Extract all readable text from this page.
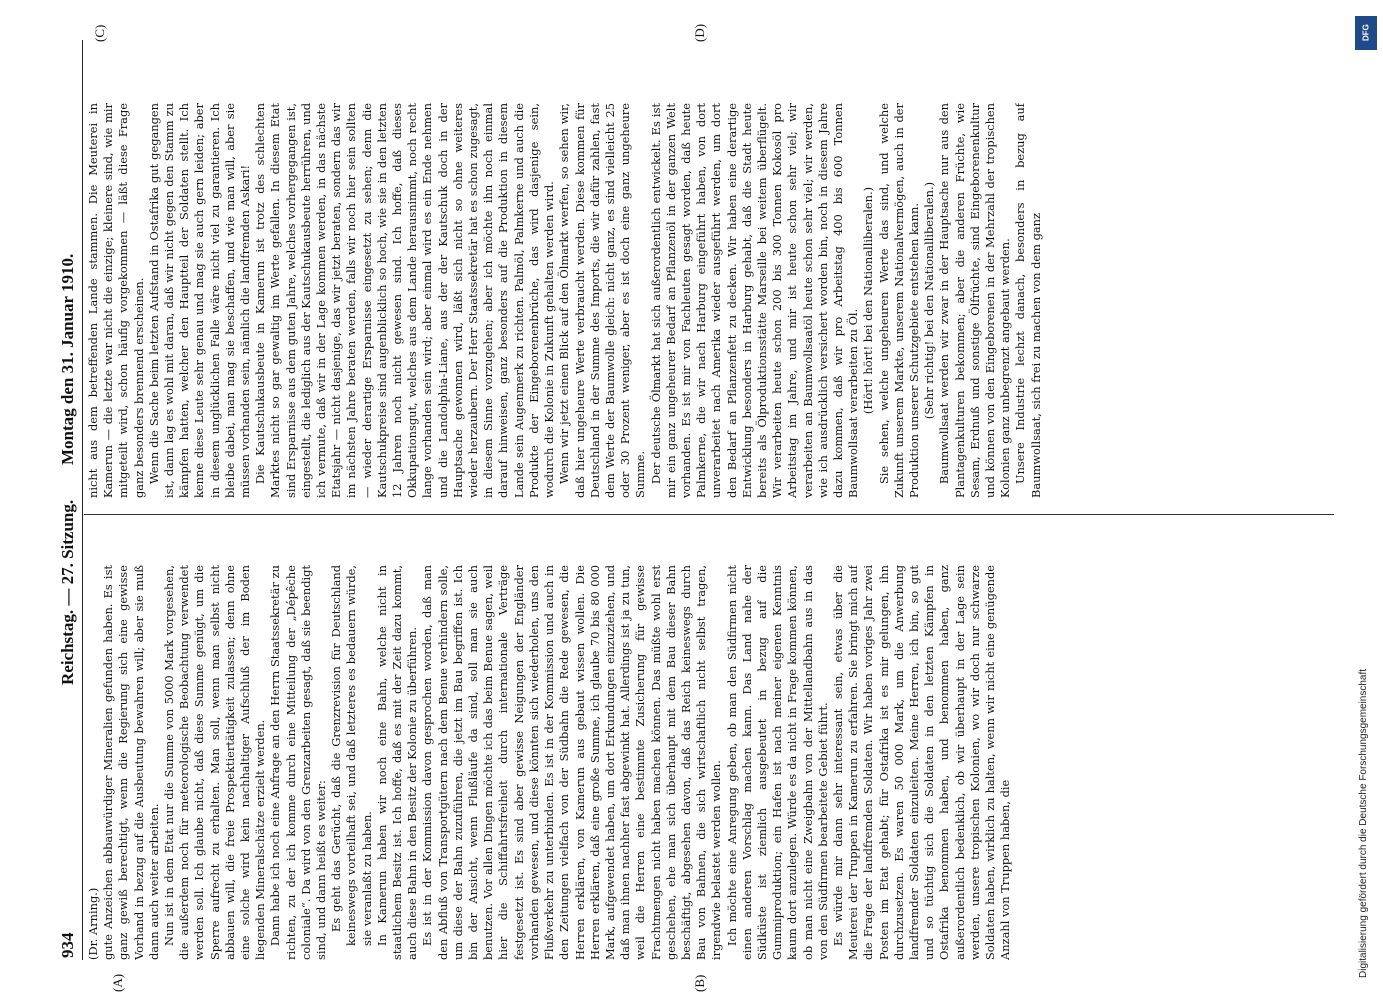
934
Reichstag. — 27. Sitzung.
Montag den 31. Januar 1910.
(A)	(B)
(C)	(D)

(Dr. Arning.) gute Anzeichen abbauwürdiger Mineralien gefunden haben. Es ist ganz gewiß berechtigt, wenn die Regierung sich eine gewisse Vorhand in bezug auf die Ausbeutung bewahren will; aber sie muß dann auch weiter arbeiten. Nun ist in dem Etat nur die Summe von 5000 Mark vorgesehen, die außerdem noch für meteorologische Beobachtung verwendet werden soll. Ich glaube nicht, daß diese Summe genügt, um die Sperre aufrecht zu erhalten. Man soll, wenn man selbst nicht abbauen will, die freie Prospektiertätigkeit zulassen; denn ohne eine solche wird kein nachhaltiger Aufschluß der im Boden liegenden Mineralschätze erzielt werden. Dann habe ich noch eine Anfrage an den Herrn Staatssekretär zu richten, zu der ich komme durch eine Mitteilung der „Dépêche coloniale“. Da wird von den Grenzarbeiten gesagt, daß sie beendigt sind, und dann heißt es weiter: Es geht das Gerücht, daß die Grenzrevision für Deutschland keineswegs vorteilhaft sei, und daß letzteres es bedauern würde, sie veranlaßt zu haben. In Kamerun haben wir noch eine Bahn, welche nicht in staatlichem Besitz ist. Ich hoffe, daß es mit der Zeit dazu kommt, auch diese Bahn in den Besitz der Kolonie zu überführen. Es ist in der Kommission davon gesprochen worden, daß man den Abfluß von Transportgütern nach dem Benue verhindern solle, um diese der Bahn zuzuführen, die jetzt im Bau begriffen ist. Ich bin der Ansicht, wenn Flußläufe da sind, soll man sie auch benutzen. Vor allen Dingen möchte ich das beim Benue sagen, weil hier die Schiffahrtsfreiheit durch internationale Verträge festgesetzt ist. Es sind aber gewisse Neigungen der Engländer vorhanden gewesen, und diese könnten sich wiederholen, uns den Flußverkehr zu unterbinden. Es ist in der Kommission und auch in den Zeitungen vielfach von der Südbahn die Rede gewesen, die Herren erklären, von Kamerun aus gebaut wissen wollen. Die Herren erklären, daß eine große Summe, ich glaube 70 bis 80 000 Mark, aufgewendet haben, um dort Erkundungen einzuziehen, und daß man ihnen nachher fast abgewinkt hat. Allerdings ist ja zu tun, weil die Herren eine bestimmte Zusicherung für gewisse Frachtmengen nicht haben machen können. Das müßte wohl erst geschehen, ehe man sich überhaupt mit dem Bau dieser Bahn beschäftigt, abgesehen davon, daß das Reich keineswegs durch Bau von Bahnen, die sich wirtschaftlich nicht selbst tragen, irgendwie belastet werden wollen. Ich möchte eine Anregung geben, ob man den Südfirmen nicht einen anderen Vorschlag machen kann. Das Land nahe der Südküste ist ziemlich ausgebeutet in bezug auf die Gummiproduktion; ein Hafen ist nach meiner eigenen Kenntnis kaum dort anzulegen. Würde es da nicht in Frage kommen können, ob man nicht eine Zweigbahn von der Mittellandbahn aus in das von den Südfirmen bearbeitete Gebiet führt. Es würde mir dann sehr interessant sein, etwas über die Meuterei der Truppen in Kamerun zu erfahren. Sie bringt mich auf die Frage der landfremden Soldaten. Wir haben voriges Jahr zwei Posten im Etat gehabt; für Ostafrika ist es mir gelungen, ihn durchzusetzen. Es waren 50 000 Mark, um die Anwerbung landfremder Soldaten einzuleiten. Meine Herren, ich bin, so gut und so tüchtig sich die Soldaten in den letzten Kämpfen in Ostafrika benommen haben, und benommen haben, ganz außerordentlich bedenklich, ob wir überhaupt in der Lage sein werden, unsere tropischen Kolonien, wo wir doch nur schwarze Soldaten haben, wirklich zu halten, wenn wir nicht eine genügende Anzahl von Truppen haben, die

nicht aus dem betreffenden Lande stammen. Die Meuterei in Kamerun — die letzte war nicht die einzige; kleinere sind, wie mir mitgeteilt wird, schon häufig vorgekommen — läßt diese Frage ganz besonders brennend erscheinen. Wenn die Sache beim letzten Aufstand in Ostafrika gut gegangen ist, dann lag es wohl mit daran, daß wir nicht gegen den Stamm zu kämpfen hatten, welcher den Hauptteil der Soldaten stellt. Ich kenne diese Leute sehr genau und mag sie auch gern leiden; aber in diesem unglücklichen Falle wäre nicht viel zu garantieren. Ich bleibe dabei, man mag sie beschaffen, und wie man will, aber sie müssen vorhanden sein, nämlich die landfremden Askari! Die Kautschukausbeute in Kamerun ist trotz des schlechten Marktes nicht so gar gewaltig im Werte gefallen. In diesem Etat sind Ersparnisse aus dem guten Jahre, welches vorhergegangen ist, eingestellt, die lediglich aus der Kautschukausbeute herrühren, und ich vermute, daß wir in der Lage kommen werden, in das nächste Etatsjahr — nicht dasjenige, das wir jetzt beraten, sondern das wir im nächsten Jahre beraten werden, falls wir noch hier sein sollten — wieder derartige Ersparnisse eingesetzt zu sehen; denn die Kautschukpreise sind augenblicklich so hoch, wie sie in den letzten 12 Jahren noch nicht gewesen sind. Ich hoffe, daß dieses Okkupationsgut, welches aus dem Lande herausnimmt, noch recht lange vorhanden sein wird; aber einmal wird es ein Ende nehmen und die Landolphia-Liane, aus der der Kautschuk doch in der Hauptsache gewonnen wird, läßt sich nicht so ohne weiteres wieder herzaubern. Der Herr Staatssekretär hat es schon zugesagt, in diesem Sinne vorzugehen; aber ich möchte ihn noch einmal darauf hinweisen, ganz besonders auf die Produktion in diesem Lande sein Augenmerk zu richten. Palmöl, Palmkerne und auch die Produkte der Eingeborenenbrüche, das wird dasjenige sein, wodurch die Kolonie in Zukunft gehalten werden wird. Wenn wir jetzt einen Blick auf den Ölmarkt werfen, so sehen wir, daß hier ungeheure Werte verbraucht werden. Diese kommen für Deutschland in der Summe des Imports, die wir dafür zahlen, fast dem Werte der Baumwolle gleich: nicht ganz, es sind vielleicht 25 oder 30 Prozent weniger, aber es ist doch eine ganz ungeheure Summe. Der deutsche Ölmarkt hat sich außerordentlich entwickelt. Es ist mir ein ganz ungeheurer Bedarf an Pflanzenöl in der ganzen Welt vorhanden. Es ist mir von Fachleuten gesagt worden, daß heute Palmkerne, die wir nach Harburg eingeführt haben, von dort unverarbeitet nach Amerika wieder ausgeführt werden, um dort den Bedarf an Pflanzenfett zu decken. Wir haben eine derartige Entwicklung besonders in Harburg gehabt, daß die Stadt heute bereits als Ölproduktionsstätte Marseille bei weitem überflügelt. Wir verarbeiten heute schon 200 bis 300 Tonnen Kokosöl pro Arbeitstag im Jahre, und mir ist heute schon sehr viel; wir verarbeiten an Baumwollsaatöl heute schon sehr viel; wir werden, wie ich ausdrücklich versichert worden bin, noch in diesem Jahre dazu kommen, daß wir pro Arbeitstag 400 bis 600 Tonnen Baumwollsaat verarbeiten zu Öl. (Hört! hört! bei den Nationalliberalen.) Sie sehen, welche ungeheuren Werte das sind, und welche Zukunft unserem Markte, unserem Nationalvermögen, auch in der Produktion unserer Schutzgebiete entstehen kann. (Sehr richtig! bei den Nationalliberalen.) Baumwollsaat werden wir zwar in der Hauptsache nur aus den Plantagenkulturen bekommen; aber die anderen Früchte, wie Sesam, Erdnuß und sonstige Ölfrüchte, sind Eingeborenenkultur und können von den Eingeborenen in der Mehrzahl der tropischen Kolonien ganz unbegrenzt angebaut werden. Unsere Industrie lechzt danach, besonders in bezug auf Baumwollsaat, sich frei zu machen von dem ganz

DFG
Digitalisierung gefördert durch die Deutsche Forschungsgemeinschaft
